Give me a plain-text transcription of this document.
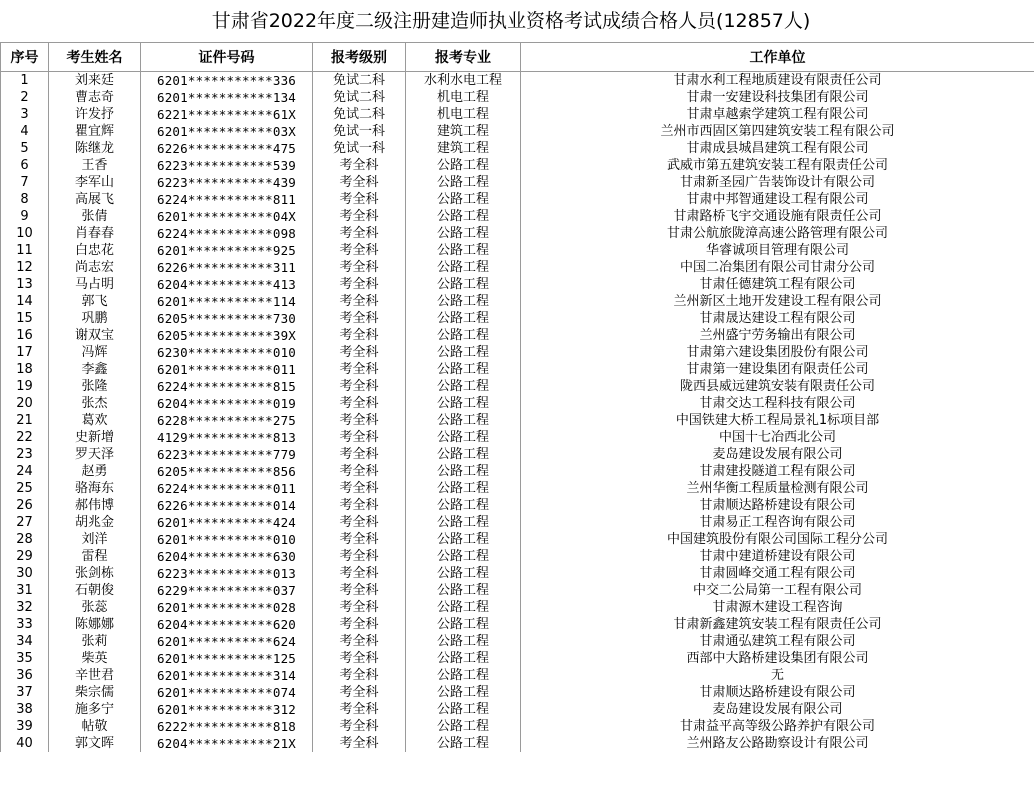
甘肃省2022年度二级注册建造师执业资格考试成绩合格人员(12857人)
序号	考生姓名	证件号码	报考级别	报考专业	工作单位
1	刘来廷	6201***********336	免试二科	水利水电工程	甘肃水利工程地质建设有限责任公司
2	曹志奇	6201***********134	免试二科	机电工程	甘肃一安建设科技集团有限公司
3	许发抒	6221***********61X	免试二科	机电工程	甘肃卓越索学建筑工程有限公司
4	瞿宜辉	6201***********03X	免试一科	建筑工程	兰州市西固区第四建筑安装工程有限公司
5	陈继龙	6226***********475	免试一科	建筑工程	甘肃成县城昌建筑工程有限公司
6	王香	6223***********539	考全科	公路工程	武威市第五建筑安装工程有限责任公司
7	李军山	6223***********439	考全科	公路工程	甘肃新圣园广告装饰设计有限公司
8	高展飞	6224***********811	考全科	公路工程	甘肃中邦智通建设工程有限公司
9	张倩	6201***********04X	考全科	公路工程	甘肃路桥飞宇交通设施有限责任公司
10	肖春春	6224***********098	考全科	公路工程	甘肃公航旅陇漳高速公路管理有限公司
11	白忠花	6201***********925	考全科	公路工程	华睿诚项目管理有限公司
12	尚志宏	6226***********311	考全科	公路工程	中国二冶集团有限公司甘肃分公司
13	马占明	6204***********413	考全科	公路工程	甘肃任德建筑工程有限公司
14	郭飞	6201***********114	考全科	公路工程	兰州新区土地开发建设工程有限公司
15	巩鹏	6205***********730	考全科	公路工程	甘肃晟达建设工程有限公司
16	谢双宝	6205***********39X	考全科	公路工程	兰州盛宁劳务输出有限公司
17	冯辉	6230***********010	考全科	公路工程	甘肃第六建设集团股份有限公司
18	李鑫	6201***********011	考全科	公路工程	甘肃第一建设集团有限责任公司
19	张隆	6224***********815	考全科	公路工程	陇西县威远建筑安装有限责任公司
20	张杰	6204***********019	考全科	公路工程	甘肃交达工程科技有限公司
21	葛欢	6228***********275	考全科	公路工程	中国铁建大桥工程局景礼1标项目部
22	史新增	4129***********813	考全科	公路工程	中国十七冶西北公司
23	罗天泽	6223***********779	考全科	公路工程	麦岛建设发展有限公司
24	赵勇	6205***********856	考全科	公路工程	甘肃建投隧道工程有限公司
25	骆海东	6224***********011	考全科	公路工程	兰州华衡工程质量检测有限公司
26	郝伟博	6226***********014	考全科	公路工程	甘肃顺达路桥建设有限公司
27	胡兆金	6201***********424	考全科	公路工程	甘肃易正工程咨询有限公司
28	刘洋	6201***********010	考全科	公路工程	中国建筑股份有限公司国际工程分公司
29	雷程	6204***********630	考全科	公路工程	甘肃中建道桥建设有限公司
30	张剑栋	6223***********013	考全科	公路工程	甘肃圆峰交通工程有限公司
31	石朝俊	6229***********037	考全科	公路工程	中交二公局第一工程有限公司
32	张蕊	6201***********028	考全科	公路工程	甘肃源木建设工程咨询
33	陈娜娜	6204***********620	考全科	公路工程	甘肃新鑫建筑安装工程有限责任公司
34	张莉	6201***********624	考全科	公路工程	甘肃通弘建筑工程有限公司
35	柴英	6201***********125	考全科	公路工程	西部中大路桥建设集团有限公司
36	辛世君	6201***********314	考全科	公路工程	无
37	柴宗儒	6201***********074	考全科	公路工程	甘肃顺达路桥建设有限公司
38	施多宁	6201***********312	考全科	公路工程	麦岛建设发展有限公司
39	帖敬	6222***********818	考全科	公路工程	甘肃益平高等级公路养护有限公司
40	郭文晖	6204***********21X	考全科	公路工程	兰州路友公路勘察设计有限公司
